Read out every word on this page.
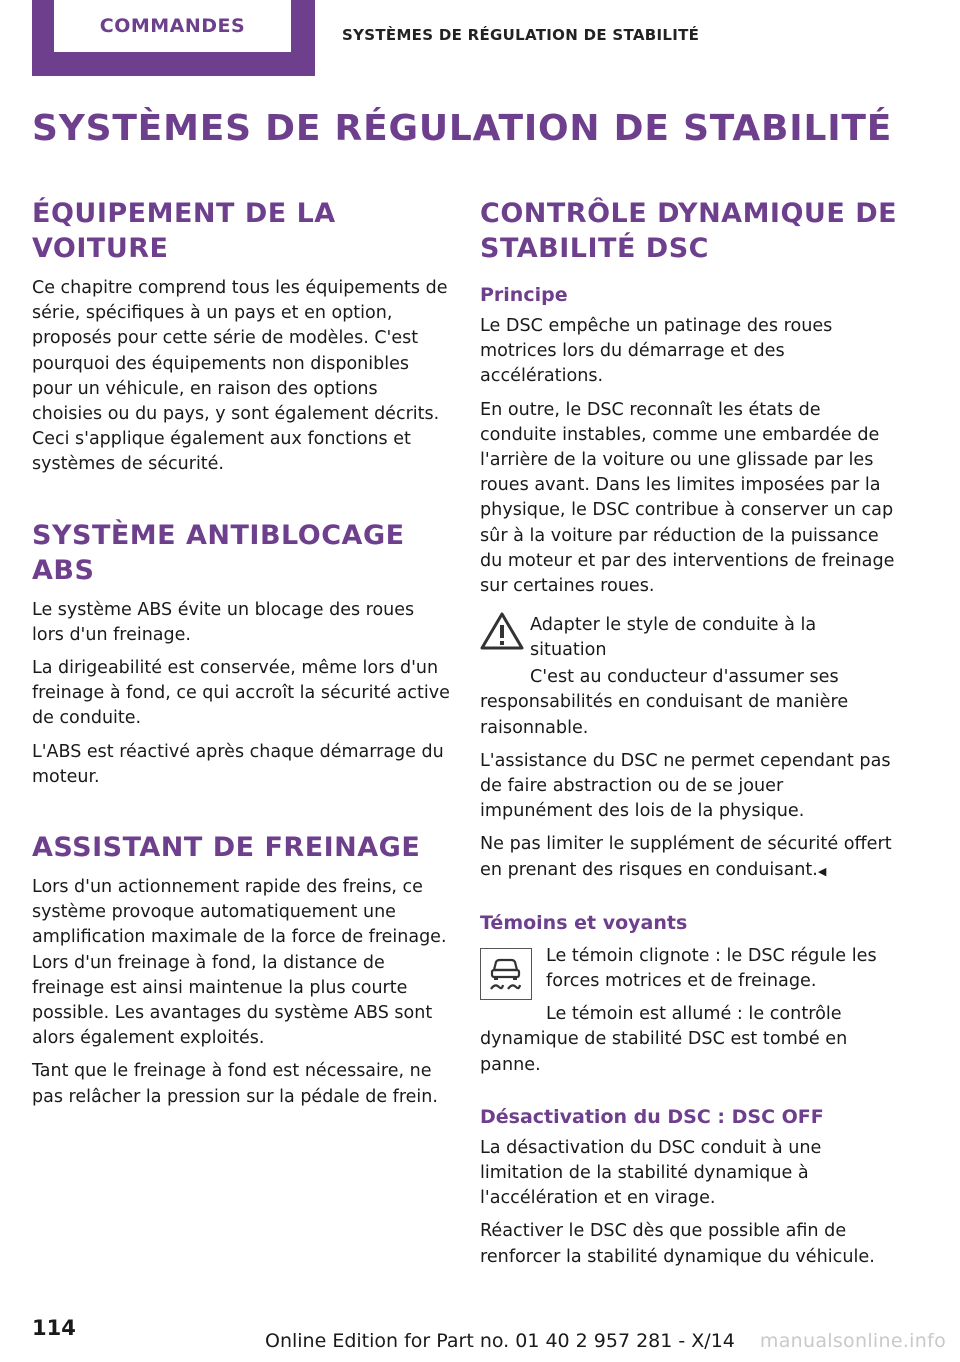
COMMANDES	SYSTÈMES DE RÉGULATION DE STABILITÉ
SYSTÈMES DE RÉGULATION DE STABILITÉ
ÉQUIPEMENT DE LA VOITURE

Ce chapitre comprend tous les équipements de série, spécifiques à un pays et en option, proposés pour cette série de modèles. C'est pourquoi des équipements non disponibles pour un véhicule, en raison des options choisies ou du pays, y sont également décrits. Ceci s'applique également aux fonctions et systèmes de sécurité.

SYSTÈME ANTIBLOCAGE ABS

Le système ABS évite un blocage des roues lors d'un freinage.

La dirigeabilité est conservée, même lors d'un freinage à fond, ce qui accroît la sécurité active de conduite.

L'ABS est réactivé après chaque démarrage du moteur.

ASSISTANT DE FREINAGE

Lors d'un actionnement rapide des freins, ce système provoque automatiquement une amplification maximale de la force de freinage. Lors d'un freinage à fond, la distance de freinage est ainsi maintenue la plus courte possible. Les avantages du système ABS sont alors également exploités.

Tant que le freinage à fond est nécessaire, ne pas relâcher la pression sur la pédale de frein.

CONTRÔLE DYNAMIQUE DE STABILITÉ DSC
Principe

Le DSC empêche un patinage des roues motrices lors du démarrage et des accélérations.

En outre, le DSC reconnaît les états de conduite instables, comme une embardée de l'arrière de la voiture ou une glissade par les roues avant. Dans les limites imposées par la physique, le DSC contribue à conserver un cap sûr à la voiture par réduction de la puissance du moteur et par des interventions de freinage sur certaines roues.

Adapter le style de conduite à la situation

C'est au conducteur d'assumer ses responsabilités en conduisant de manière raisonnable.

L'assistance du DSC ne permet cependant pas de faire abstraction ou de se jouer impunément des lois de la physique.

Ne pas limiter le supplément de sécurité offert en prenant des risques en conduisant.◀

Témoins et voyants

Le témoin clignote : le DSC régule les forces motrices et de freinage.

Le témoin est allumé : le contrôle dynamique de stabilité DSC est tombé en panne.

Désactivation du DSC : DSC OFF

La désactivation du DSC conduit à une limitation de la stabilité dynamique à l'accélération et en virage.

Réactiver le DSC dès que possible afin de renforcer la stabilité dynamique du véhicule.

114
Online Edition for Part no. 01 40 2 957 281 - X/14 manualsonline.info
